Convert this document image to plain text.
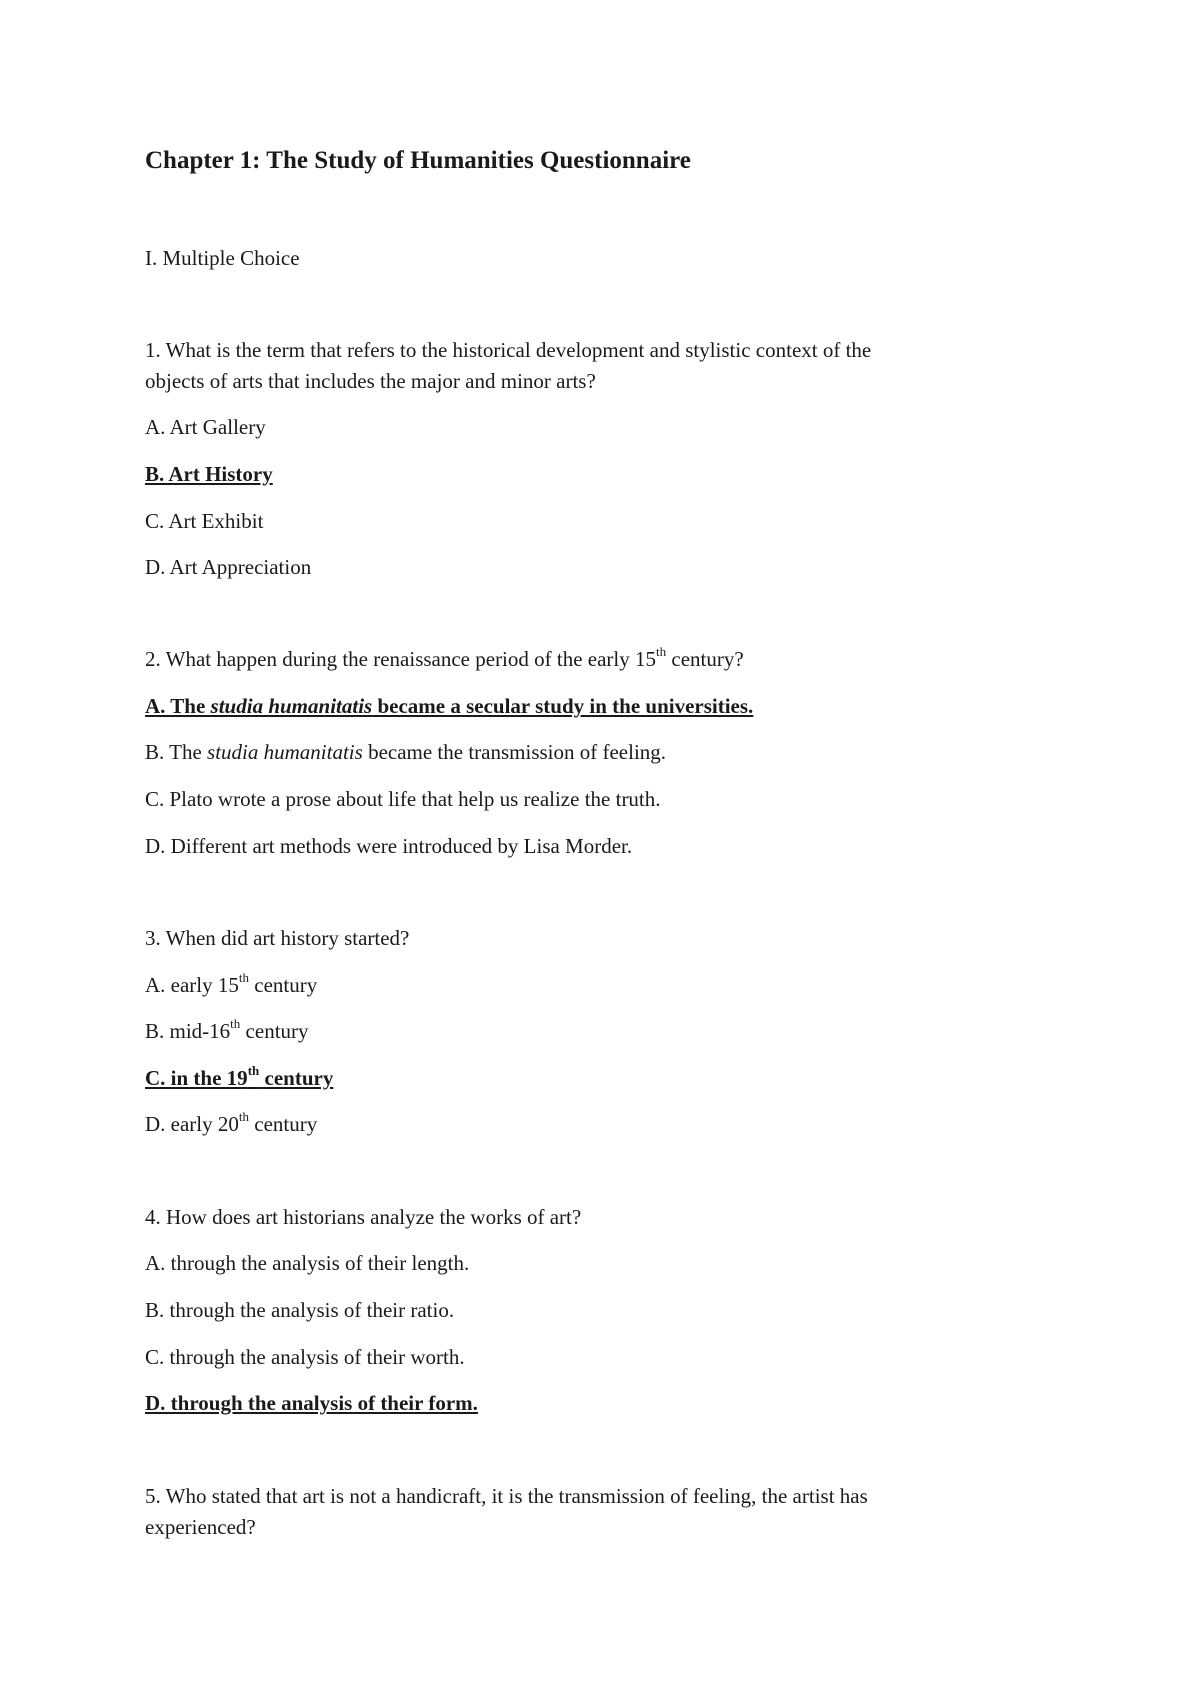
Chapter 1: The Study of Humanities Questionnaire
I. Multiple Choice
1. What is the term that refers to the historical development and stylistic context of the
objects of arts that includes the major and minor arts?
A. Art Gallery
B. Art History
C. Art Exhibit
D. Art Appreciation
2. What happen during the renaissance period of the early 15th century?
A. The studia humanitatis became a secular study in the universities.
B. The studia humanitatis became the transmission of feeling.
C. Plato wrote a prose about life that help us realize the truth.
D. Different art methods were introduced by Lisa Morder.
3. When did art history started?
A. early 15th century
B. mid-16th century
C. in the 19th century
D. early 20th century
4. How does art historians analyze the works of art?
A. through the analysis of their length.
B. through the analysis of their ratio.
C. through the analysis of their worth.
D. through the analysis of their form.
5. Who stated that art is not a handicraft, it is the transmission of feeling, the artist has
experienced?
